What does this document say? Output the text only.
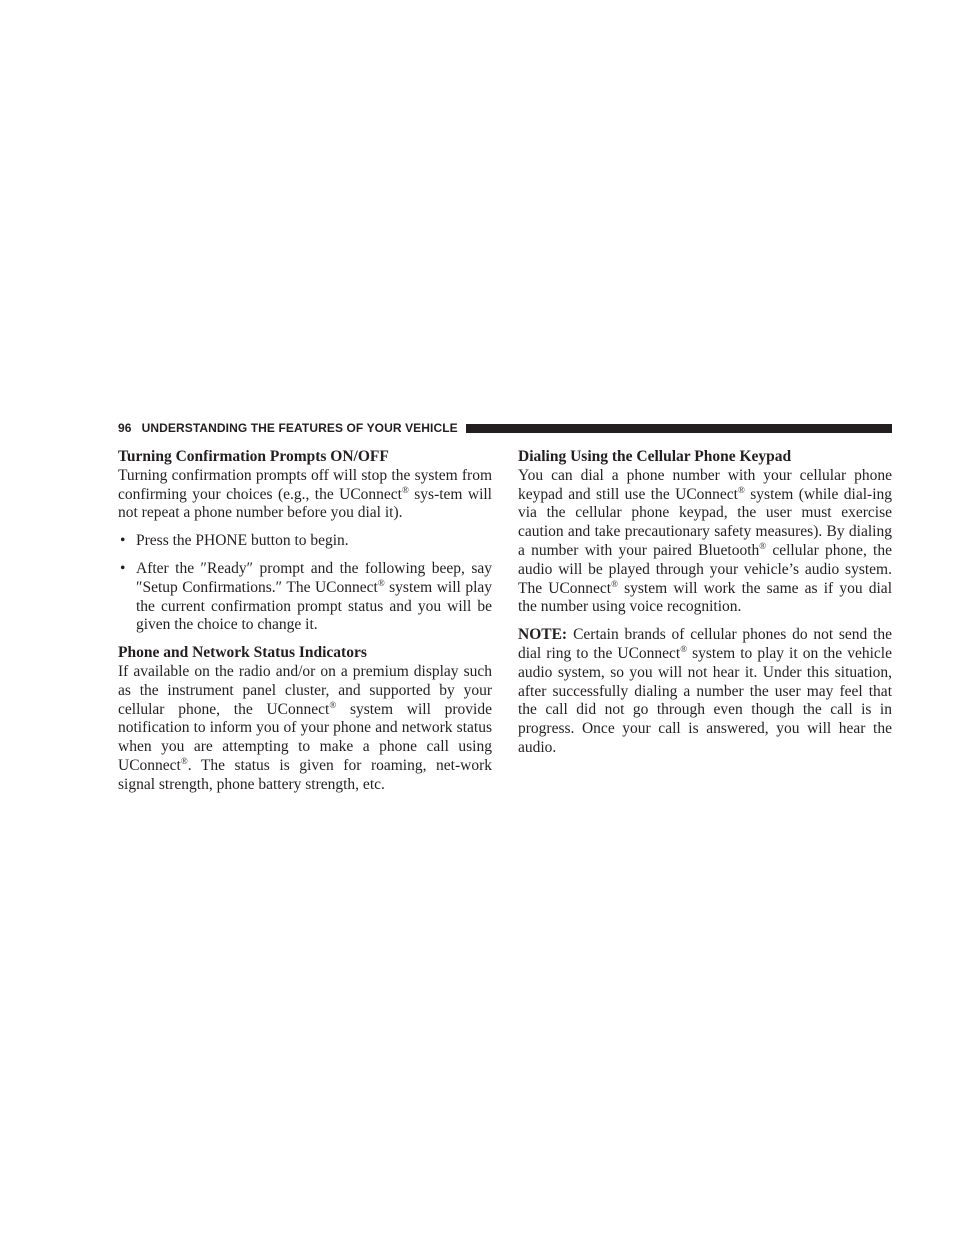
96 UNDERSTANDING THE FEATURES OF YOUR VEHICLE
Turning Confirmation Prompts ON/OFF

Turning confirmation prompts off will stop the system from confirming your choices (e.g., the UConnect® sys-tem will not repeat a phone number before you dial it).

• Press the PHONE button to begin.
• After the ″Ready″ prompt and the following beep, say ″Setup Confirmations.″ The UConnect® system will play the current confirmation prompt status and you will be given the choice to change it.
Phone and Network Status Indicators

If available on the radio and/or on a premium display such as the instrument panel cluster, and supported by your cellular phone, the UConnect® system will provide notification to inform you of your phone and network status when you are attempting to make a phone call using UConnect®. The status is given for roaming, net-work signal strength, phone battery strength, etc.

Dialing Using the Cellular Phone Keypad

You can dial a phone number with your cellular phone keypad and still use the UConnect® system (while dial-ing via the cellular phone keypad, the user must exercise caution and take precautionary safety measures). By dialing a number with your paired Bluetooth® cellular phone, the audio will be played through your vehicle’s audio system. The UConnect® system will work the same as if you dial the number using voice recognition.

NOTE: Certain brands of cellular phones do not send the dial ring to the UConnect® system to play it on the vehicle audio system, so you will not hear it. Under this situation, after successfully dialing a number the user may feel that the call did not go through even though the call is in progress. Once your call is answered, you will hear the audio.
